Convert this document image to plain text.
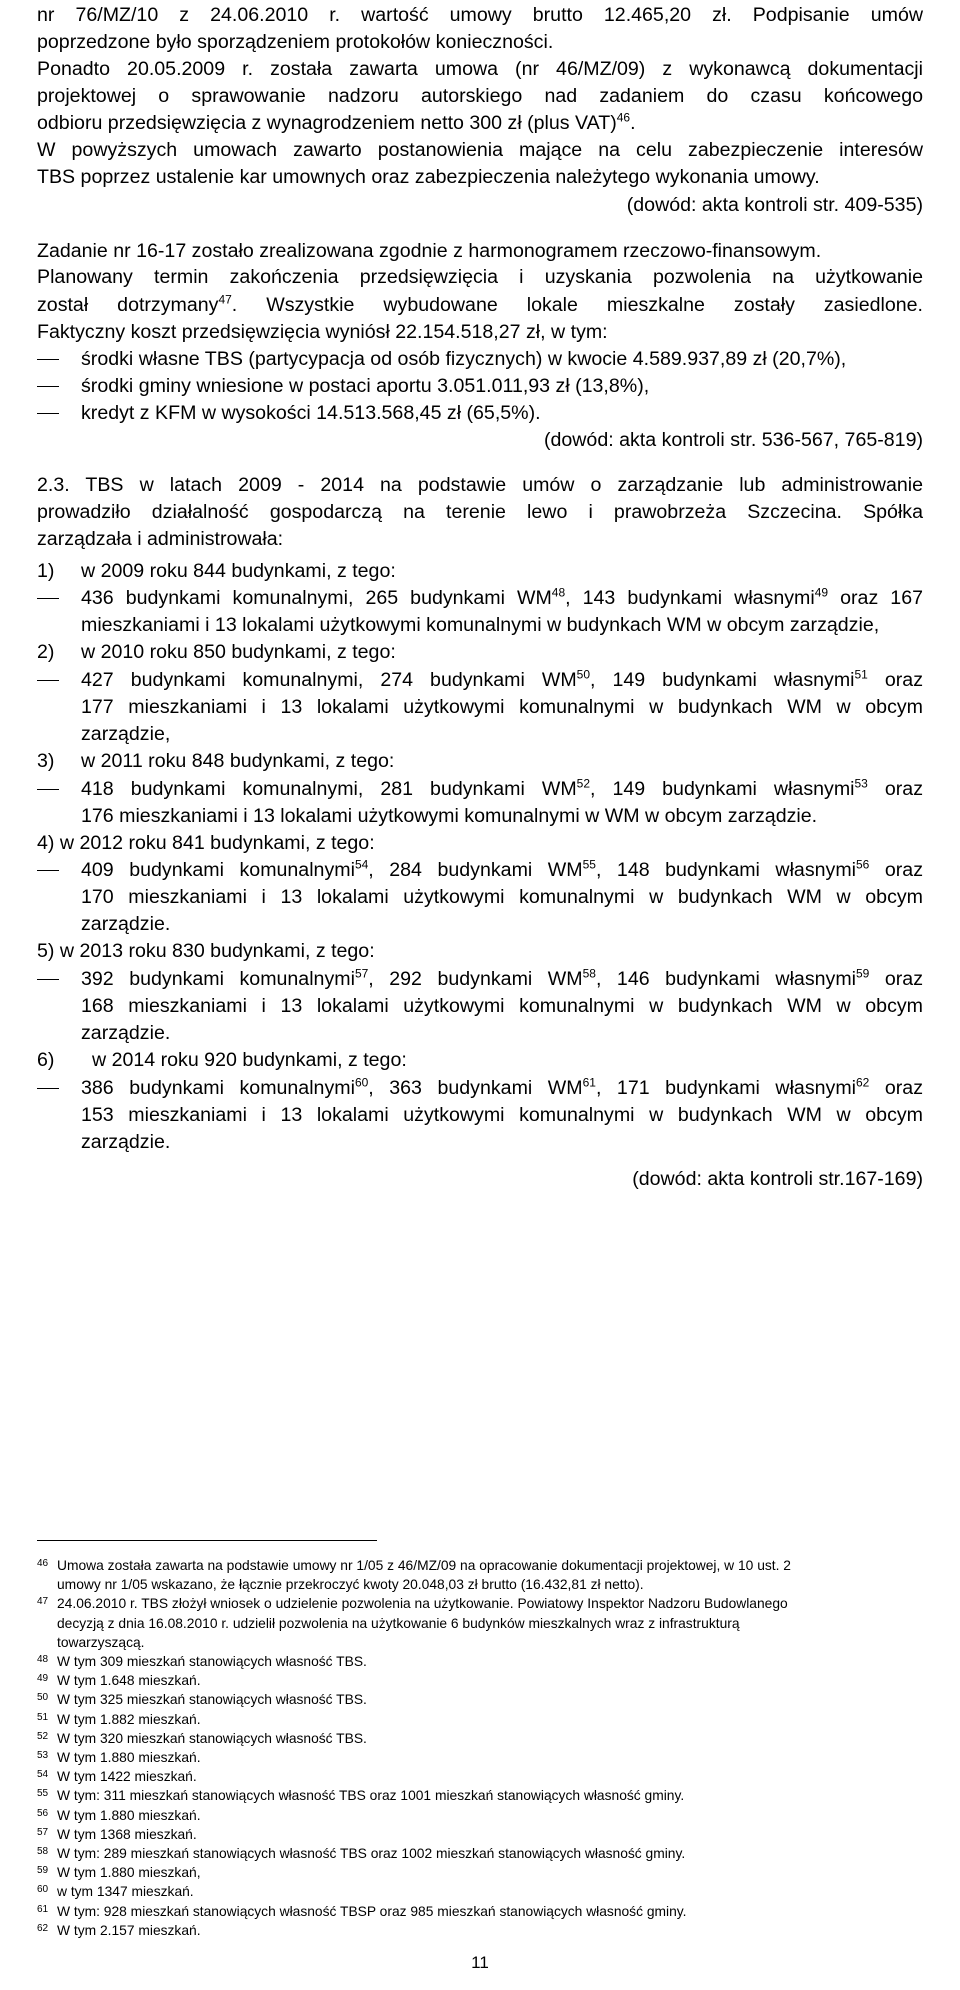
nr 76/MZ/10 z 24.06.2010 r. wartość umowy brutto 12.465,20 zł. Podpisanie umów
poprzedzone było sporządzeniem protokołów konieczności.
Ponadto 20.05.2009 r. została zawarta umowa (nr 46/MZ/09) z wykonawcą dokumentacji
projektowej o sprawowanie nadzoru autorskiego nad zadaniem do czasu końcowego
odbioru przedsięwzięcia z wynagrodzeniem netto 300 zł (plus VAT)$^{46}$.
W powyższych umowach zawarto postanowienia mające na celu zabezpieczenie interesów
TBS poprzez ustalenie kar umownych oraz zabezpieczenia należytego wykonania umowy.
(dowód: akta kontroli str. 409-535)
Zadanie nr 16-17 zostało zrealizowana zgodnie z harmonogramem rzeczowo-finansowym.
Planowany termin zakończenia przedsięwzięcia i uzyskania pozwolenia na użytkowanie
został dotrzymany$^{47}$. Wszystkie wybudowane lokale mieszkalne zostały zasiedlone.
Faktyczny koszt przedsięwzięcia wyniósł 22.154.518,27 zł, w tym:
środki własne TBS (partycypacja od osób fizycznych) w kwocie 4.589.937,89 zł (20,7%),
środki gminy wniesione w postaci aportu 3.051.011,93 zł (13,8%),
kredyt z KFM w wysokości 14.513.568,45 zł (65,5%).
(dowód: akta kontroli str. 536-567, 765-819)
2.3. TBS w latach 2009 - 2014 na podstawie umów o zarządzanie lub administrowanie
prowadziło działalność gospodarczą na terenie lewo i prawobrzeża Szczecina. Spółka
zarządzała i administrowała:
1) w 2009 roku 844 budynkami, z tego:
436 budynkami komunalnymi, 265 budynkami WM$^{48}$, 143 budynkami własnymi$^{49}$ oraz 167
mieszkaniami i 13 lokalami użytkowymi komunalnymi w budynkach WM w obcym zarządzie,
2) w 2010 roku 850 budynkami, z tego:
427 budynkami komunalnymi, 274 budynkami WM$^{50}$, 149 budynkami własnymi$^{51}$ oraz
177 mieszkaniami i 13 lokalami użytkowymi komunalnymi w budynkach WM w obcym
zarządzie,
3) w 2011 roku 848 budynkami, z tego:
418 budynkami komunalnymi, 281 budynkami WM$^{52}$, 149 budynkami własnymi$^{53}$ oraz
176 mieszkaniami i 13 lokalami użytkowymi komunalnymi w WM w obcym zarządzie.
4) w 2012 roku 841 budynkami, z tego:
409 budynkami komunalnymi$^{54}$, 284 budynkami WM$^{55}$, 148 budynkami własnymi$^{56}$ oraz
170 mieszkaniami i 13 lokalami użytkowymi komunalnymi w budynkach WM w obcym
zarządzie.
5) w 2013 roku 830 budynkami, z tego:
392 budynkami komunalnymi$^{57}$, 292 budynkami WM$^{58}$, 146 budynkami własnymi$^{59}$ oraz
168 mieszkaniami i 13 lokalami użytkowymi komunalnymi w budynkach WM w obcym
zarządzie.
6) w 2014 roku 920 budynkami, z tego:
386 budynkami komunalnymi$^{60}$, 363 budynkami WM$^{61}$, 171 budynkami własnymi$^{62}$ oraz
153 mieszkaniami i 13 lokalami użytkowymi komunalnymi w budynkach WM w obcym
zarządzie.
(dowód: akta kontroli str.167-169)
46 Umowa została zawarta na podstawie umowy nr 1/05 z 46/MZ/09 na opracowanie dokumentacji projektowej, w 10 ust. 2
umowy nr 1/05 wskazano, że łącznie przekroczyć kwoty 20.048,03 zł brutto (16.432,81 zł netto).
47 24.06.2010 r. TBS złożył wniosek o udzielenie pozwolenia na użytkowanie. Powiatowy Inspektor Nadzoru Budowlanego
decyzją z dnia 16.08.2010 r. udzielił pozwolenia na użytkowanie 6 budynków mieszkalnych wraz z infrastrukturą
towarzyszącą.
48 W tym 309 mieszkań stanowiących własność TBS.
49 W tym 1.648 mieszkań.
50 W tym 325 mieszkań stanowiących własność TBS.
51 W tym 1.882 mieszkań.
52 W tym 320 mieszkań stanowiących własność TBS.
53 W tym 1.880 mieszkań.
54 W tym 1422 mieszkań.
55 W tym: 311 mieszkań stanowiących własność TBS oraz 1001 mieszkań stanowiących własność gminy.
56 W tym 1.880 mieszkań.
57 W tym 1368 mieszkań.
58 W tym: 289 mieszkań stanowiących własność TBS oraz 1002 mieszkań stanowiących własność gminy.
59 W tym 1.880 mieszkań,
60 w tym 1347 mieszkań.
61 W tym: 928 mieszkań stanowiących własność TBSP oraz 985 mieszkań stanowiących własność gminy.
62 W tym 2.157 mieszkań.
11
